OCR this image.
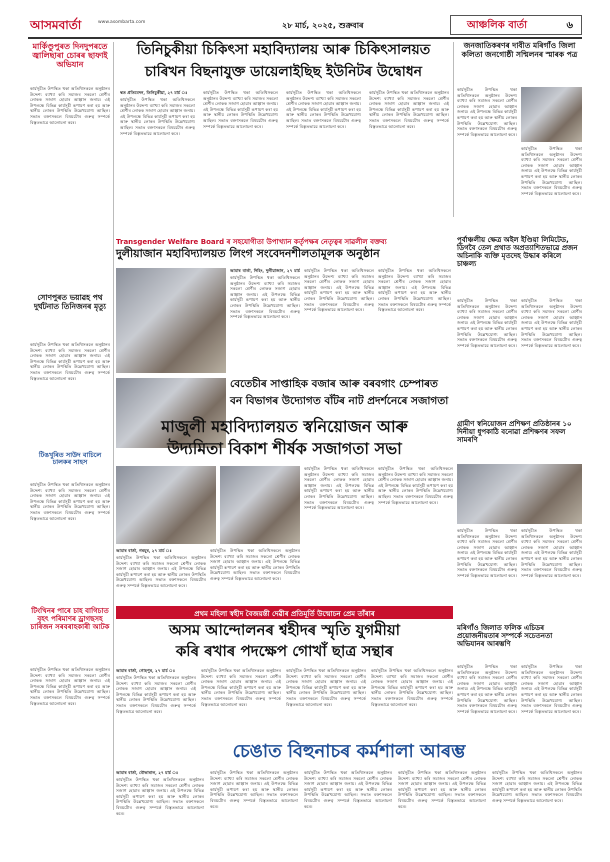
আসমবার্তা	www.asombarta.com	২৮ মার্চ, ২০২৫, শুক্ৰবাৰ	আঞ্চলিক বাৰ্তা	৬
মাৰ্কিণ্ডুপুৰত দিনদুপৰতে জ্বালিছাৰা চোৰৰ ছাফাই অভিযান
কাৰ্যসূচীত উপস্থিত থকা অতিথিসকলে অনুষ্ঠানৰ উদ্দেশ্য ব্যাখ্যা কৰি সমাজৰ সকলো শ্ৰেণীৰ লোকক সজাগ হোৱাৰ আহ্বান জনায়। এই উপলক্ষে বিভিন্ন কাৰ্যসূচী ৰূপায়ণ কৰা হয় আৰু স্থানীয় লোকৰ উপস্থিতি উল্লেখযোগ্য আছিল। সভাত বক্তাসকলে বিষয়টোৰ গুৰুত্ব সম্পৰ্কে বিস্তৃতভাৱে আলোচনা কৰে।
সোণপুৰত ভয়াৱহ পথ দুৰ্ঘটনাত তিনিজনৰ মৃত্যু
কাৰ্যসূচীত উপস্থিত থকা অতিথিসকলে অনুষ্ঠানৰ উদ্দেশ্য ব্যাখ্যা কৰি সমাজৰ সকলো শ্ৰেণীৰ লোকক সজাগ হোৱাৰ আহ্বান জনায়। এই উপলক্ষে বিভিন্ন কাৰ্যসূচী ৰূপায়ণ কৰা হয় আৰু স্থানীয় লোকৰ উপস্থিতি উল্লেখযোগ্য আছিল। সভাত বক্তাসকলে বিষয়টোৰ গুৰুত্ব সম্পৰ্কে বিস্তৃতভাৱে আলোচনা কৰে।
টিঙখুৰিত সাউদ বাচিলে চালকৰ সাহস
কাৰ্যসূচীত উপস্থিত থকা অতিথিসকলে অনুষ্ঠানৰ উদ্দেশ্য ব্যাখ্যা কৰি সমাজৰ সকলো শ্ৰেণীৰ লোকক সজাগ হোৱাৰ আহ্বান জনায়। এই উপলক্ষে বিভিন্ন কাৰ্যসূচী ৰূপায়ণ কৰা হয় আৰু স্থানীয় লোকৰ উপস্থিতি উল্লেখযোগ্য আছিল। সভাত বক্তাসকলে বিষয়টোৰ গুৰুত্ব সম্পৰ্কে বিস্তৃতভাৱে আলোচনা কৰে।
টিংখিনৰ পাৰে চাহ বাগিচাত বৃহৎ পৰিমাণৰ ড্ৰাগছসহ চাৰিজন সৰবৰাহকাৰী আটক
কাৰ্যসূচীত উপস্থিত থকা অতিথিসকলে অনুষ্ঠানৰ উদ্দেশ্য ব্যাখ্যা কৰি সমাজৰ সকলো শ্ৰেণীৰ লোকক সজাগ হোৱাৰ আহ্বান জনায়। এই উপলক্ষে বিভিন্ন কাৰ্যসূচী ৰূপায়ণ কৰা হয় আৰু স্থানীয় লোকৰ উপস্থিতি উল্লেখযোগ্য আছিল। সভাত বক্তাসকলে বিষয়টোৰ গুৰুত্ব সম্পৰ্কে বিস্তৃতভাৱে আলোচনা কৰে।
তিনিচুকীয়া চিকিৎসা মহাবিদ্যালয় আৰু চিকিৎসালয়ত
চাৰিখন বিছনাযুক্ত ডায়েলাইছিছ ইউনিটৰ উদ্বোধন
স্থত প্ৰতিবেদন, তিনিচুকীয়া, ২৭ মাৰ্চ ঃ
কাৰ্যসূচীত উপস্থিত থকা অতিথিসকলে অনুষ্ঠানৰ উদ্দেশ্য ব্যাখ্যা কৰি সমাজৰ সকলো শ্ৰেণীৰ লোকক সজাগ হোৱাৰ আহ্বান জনায়। এই উপলক্ষে বিভিন্ন কাৰ্যসূচী ৰূপায়ণ কৰা হয় আৰু স্থানীয় লোকৰ উপস্থিতি উল্লেখযোগ্য আছিল। সভাত বক্তাসকলে বিষয়টোৰ গুৰুত্ব সম্পৰ্কে বিস্তৃতভাৱে আলোচনা কৰে।
কাৰ্যসূচীত উপস্থিত থকা অতিথিসকলে অনুষ্ঠানৰ উদ্দেশ্য ব্যাখ্যা কৰি সমাজৰ সকলো শ্ৰেণীৰ লোকক সজাগ হোৱাৰ আহ্বান জনায়। এই উপলক্ষে বিভিন্ন কাৰ্যসূচী ৰূপায়ণ কৰা হয় আৰু স্থানীয় লোকৰ উপস্থিতি উল্লেখযোগ্য আছিল। সভাত বক্তাসকলে বিষয়টোৰ গুৰুত্ব সম্পৰ্কে বিস্তৃতভাৱে আলোচনা কৰে।
কাৰ্যসূচীত উপস্থিত থকা অতিথিসকলে অনুষ্ঠানৰ উদ্দেশ্য ব্যাখ্যা কৰি সমাজৰ সকলো শ্ৰেণীৰ লোকক সজাগ হোৱাৰ আহ্বান জনায়। এই উপলক্ষে বিভিন্ন কাৰ্যসূচী ৰূপায়ণ কৰা হয় আৰু স্থানীয় লোকৰ উপস্থিতি উল্লেখযোগ্য আছিল। সভাত বক্তাসকলে বিষয়টোৰ গুৰুত্ব সম্পৰ্কে বিস্তৃতভাৱে আলোচনা কৰে।
কাৰ্যসূচীত উপস্থিত থকা অতিথিসকলে অনুষ্ঠানৰ উদ্দেশ্য ব্যাখ্যা কৰি সমাজৰ সকলো শ্ৰেণীৰ লোকক সজাগ হোৱাৰ আহ্বান জনায়। এই উপলক্ষে বিভিন্ন কাৰ্যসূচী ৰূপায়ণ কৰা হয় আৰু স্থানীয় লোকৰ উপস্থিতি উল্লেখযোগ্য আছিল। সভাত বক্তাসকলে বিষয়টোৰ গুৰুত্ব সম্পৰ্কে বিস্তৃতভাৱে আলোচনা কৰে।
জনজাতিকৰণৰ দাবীত মৰিগাঁও জিলা কলিতা জনগোষ্ঠী সন্মিলনৰ স্মাৰক পত্ৰ
কাৰ্যসূচীত উপস্থিত থকা অতিথিসকলে অনুষ্ঠানৰ উদ্দেশ্য ব্যাখ্যা কৰি সমাজৰ সকলো শ্ৰেণীৰ লোকক সজাগ হোৱাৰ আহ্বান জনায়। এই উপলক্ষে বিভিন্ন কাৰ্যসূচী ৰূপায়ণ কৰা হয় আৰু স্থানীয় লোকৰ উপস্থিতি উল্লেখযোগ্য আছিল। সভাত বক্তাসকলে বিষয়টোৰ গুৰুত্ব সম্পৰ্কে বিস্তৃতভাৱে আলোচনা কৰে।
কাৰ্যসূচীত উপস্থিত থকা অতিথিসকলে অনুষ্ঠানৰ উদ্দেশ্য ব্যাখ্যা কৰি সমাজৰ সকলো শ্ৰেণীৰ লোকক সজাগ হোৱাৰ আহ্বান জনায়। এই উপলক্ষে বিভিন্ন কাৰ্যসূচী ৰূপায়ণ কৰা হয় আৰু স্থানীয় লোকৰ উপস্থিতি উল্লেখযোগ্য আছিল। সভাত বক্তাসকলে বিষয়টোৰ গুৰুত্ব সম্পৰ্কে বিস্তৃতভাৱে আলোচনা কৰে।
Transgender Welfare Board ৰ সহযোগীতা উপাখ্যান কৰ্তৃপক্ষৰ নেতৃত্বৰ সাৱলীল বক্তব্য
দুলীয়াজান মহাবিদ্যালয়ত লিংগ সংবেদনশীলতামূলক অনুষ্ঠান
আমাৰ বাৰ্তা, দিহিং, দুলীয়াজান, ২৭ মাৰ্চ
কাৰ্যসূচীত উপস্থিত থকা অতিথিসকলে অনুষ্ঠানৰ উদ্দেশ্য ব্যাখ্যা কৰি সমাজৰ সকলো শ্ৰেণীৰ লোকক সজাগ হোৱাৰ আহ্বান জনায়। এই উপলক্ষে বিভিন্ন কাৰ্যসূচী ৰূপায়ণ কৰা হয় আৰু স্থানীয় লোকৰ উপস্থিতি উল্লেখযোগ্য আছিল। সভাত বক্তাসকলে বিষয়টোৰ গুৰুত্ব সম্পৰ্কে বিস্তৃতভাৱে আলোচনা কৰে।
কাৰ্যসূচীত উপস্থিত থকা অতিথিসকলে অনুষ্ঠানৰ উদ্দেশ্য ব্যাখ্যা কৰি সমাজৰ সকলো শ্ৰেণীৰ লোকক সজাগ হোৱাৰ আহ্বান জনায়। এই উপলক্ষে বিভিন্ন কাৰ্যসূচী ৰূপায়ণ কৰা হয় আৰু স্থানীয় লোকৰ উপস্থিতি উল্লেখযোগ্য আছিল। সভাত বক্তাসকলে বিষয়টোৰ গুৰুত্ব সম্পৰ্কে বিস্তৃতভাৱে আলোচনা কৰে।
কাৰ্যসূচীত উপস্থিত থকা অতিথিসকলে অনুষ্ঠানৰ উদ্দেশ্য ব্যাখ্যা কৰি সমাজৰ সকলো শ্ৰেণীৰ লোকক সজাগ হোৱাৰ আহ্বান জনায়। এই উপলক্ষে বিভিন্ন কাৰ্যসূচী ৰূপায়ণ কৰা হয় আৰু স্থানীয় লোকৰ উপস্থিতি উল্লেখযোগ্য আছিল। সভাত বক্তাসকলে বিষয়টোৰ গুৰুত্ব সম্পৰ্কে বিস্তৃতভাৱে আলোচনা কৰে।
পূৰ্বাঞ্চলীয় ক্ষেত্ৰ অইল ইণ্ডিয়া লিমিটেড, ডিগবৈ তেল প্ৰথাত অপ্ৰত্যাশিতভাৱে প্ৰজন অচিনাকি ব্যক্তি মৃতদেহ উদ্ধাৰ কৰিলে চাঞ্চল্য
কাৰ্যসূচীত উপস্থিত থকা অতিথিসকলে অনুষ্ঠানৰ উদ্দেশ্য ব্যাখ্যা কৰি সমাজৰ সকলো শ্ৰেণীৰ লোকক সজাগ হোৱাৰ আহ্বান জনায়। এই উপলক্ষে বিভিন্ন কাৰ্যসূচী ৰূপায়ণ কৰা হয় আৰু স্থানীয় লোকৰ উপস্থিতি উল্লেখযোগ্য আছিল। সভাত বক্তাসকলে বিষয়টোৰ গুৰুত্ব সম্পৰ্কে বিস্তৃতভাৱে আলোচনা কৰে।
কাৰ্যসূচীত উপস্থিত থকা অতিথিসকলে অনুষ্ঠানৰ উদ্দেশ্য ব্যাখ্যা কৰি সমাজৰ সকলো শ্ৰেণীৰ লোকক সজাগ হোৱাৰ আহ্বান জনায়। এই উপলক্ষে বিভিন্ন কাৰ্যসূচী ৰূপায়ণ কৰা হয় আৰু স্থানীয় লোকৰ উপস্থিতি উল্লেখযোগ্য আছিল। সভাত বক্তাসকলে বিষয়টোৰ গুৰুত্ব সম্পৰ্কে বিস্তৃতভাৱে আলোচনা কৰে।
বেতেচীৰ সাপ্তাহিক বজাৰ আৰু বৰবগাং চেম্পাৰত
বন বিভাগৰ উদ্যোগত বাঁটৰ নাট প্ৰদৰ্শনেৰে সজাগতা
গ্ৰামীণ স্বনিয়োজন প্ৰশিক্ষণ প্ৰতিষ্ঠানৰ ১০ দিনীয়া ধুপকাঠি বনোৱা প্ৰশিক্ষণৰ সফল সামৰণি
কাৰ্যসূচীত উপস্থিত থকা অতিথিসকলে অনুষ্ঠানৰ উদ্দেশ্য ব্যাখ্যা কৰি সমাজৰ সকলো শ্ৰেণীৰ লোকক সজাগ হোৱাৰ আহ্বান জনায়। এই উপলক্ষে বিভিন্ন কাৰ্যসূচী ৰূপায়ণ কৰা হয় আৰু স্থানীয় লোকৰ উপস্থিতি উল্লেখযোগ্য আছিল। সভাত বক্তাসকলে বিষয়টোৰ গুৰুত্ব সম্পৰ্কে বিস্তৃতভাৱে আলোচনা কৰে।
কাৰ্যসূচীত উপস্থিত থকা অতিথিসকলে অনুষ্ঠানৰ উদ্দেশ্য ব্যাখ্যা কৰি সমাজৰ সকলো শ্ৰেণীৰ লোকক সজাগ হোৱাৰ আহ্বান জনায়। এই উপলক্ষে বিভিন্ন কাৰ্যসূচী ৰূপায়ণ কৰা হয় আৰু স্থানীয় লোকৰ উপস্থিতি উল্লেখযোগ্য আছিল। সভাত বক্তাসকলে বিষয়টোৰ গুৰুত্ব সম্পৰ্কে বিস্তৃতভাৱে আলোচনা কৰে।
মাজুলী মহাবিদ্যালয়ত স্বনিয়োজন আৰু
উদ্যমিতা বিকাশ শীৰ্ষক সজাগতা সভা
কাৰ্যসূচীত উপস্থিত থকা অতিথিসকলে অনুষ্ঠানৰ উদ্দেশ্য ব্যাখ্যা কৰি সমাজৰ সকলো শ্ৰেণীৰ লোকক সজাগ হোৱাৰ আহ্বান জনায়। এই উপলক্ষে বিভিন্ন কাৰ্যসূচী ৰূপায়ণ কৰা হয় আৰু স্থানীয় লোকৰ উপস্থিতি উল্লেখযোগ্য আছিল। সভাত বক্তাসকলে বিষয়টোৰ গুৰুত্ব সম্পৰ্কে বিস্তৃতভাৱে আলোচনা কৰে।
কাৰ্যসূচীত উপস্থিত থকা অতিথিসকলে অনুষ্ঠানৰ উদ্দেশ্য ব্যাখ্যা কৰি সমাজৰ সকলো শ্ৰেণীৰ লোকক সজাগ হোৱাৰ আহ্বান জনায়। এই উপলক্ষে বিভিন্ন কাৰ্যসূচী ৰূপায়ণ কৰা হয় আৰু স্থানীয় লোকৰ উপস্থিতি উল্লেখযোগ্য আছিল। সভাত বক্তাসকলে বিষয়টোৰ গুৰুত্ব সম্পৰ্কে বিস্তৃতভাৱে আলোচনা কৰে।
আমাৰ বাৰ্তা, গৰমূৰ, ২৭ মাৰ্চ ঃ
কাৰ্যসূচীত উপস্থিত থকা অতিথিসকলে অনুষ্ঠানৰ উদ্দেশ্য ব্যাখ্যা কৰি সমাজৰ সকলো শ্ৰেণীৰ লোকক সজাগ হোৱাৰ আহ্বান জনায়। এই উপলক্ষে বিভিন্ন কাৰ্যসূচী ৰূপায়ণ কৰা হয় আৰু স্থানীয় লোকৰ উপস্থিতি উল্লেখযোগ্য আছিল। সভাত বক্তাসকলে বিষয়টোৰ গুৰুত্ব সম্পৰ্কে বিস্তৃতভাৱে আলোচনা কৰে।
কাৰ্যসূচীত উপস্থিত থকা অতিথিসকলে অনুষ্ঠানৰ উদ্দেশ্য ব্যাখ্যা কৰি সমাজৰ সকলো শ্ৰেণীৰ লোকক সজাগ হোৱাৰ আহ্বান জনায়। এই উপলক্ষে বিভিন্ন কাৰ্যসূচী ৰূপায়ণ কৰা হয় আৰু স্থানীয় লোকৰ উপস্থিতি উল্লেখযোগ্য আছিল। সভাত বক্তাসকলে বিষয়টোৰ গুৰুত্ব সম্পৰ্কে বিস্তৃতভাৱে আলোচনা কৰে।
প্ৰথম মহিলা স্বহীদ বৈজয়ন্তী দেৱীৰ প্ৰতিমূৰ্তি উন্মোচন প্ৰেম তাঁৰাৰ
অসম আন্দোলনৰ শ্বহীদৰ স্মৃতি যুগমীয়া
কৰি ৰখাৰ পদক্ষেপ গোখাঁ ছাত্ৰ সন্থাৰ
আমাৰ বাৰ্তা, গোহপুৰ, ২৭ মাৰ্চ ঃ
কাৰ্যসূচীত উপস্থিত থকা অতিথিসকলে অনুষ্ঠানৰ উদ্দেশ্য ব্যাখ্যা কৰি সমাজৰ সকলো শ্ৰেণীৰ লোকক সজাগ হোৱাৰ আহ্বান জনায়। এই উপলক্ষে বিভিন্ন কাৰ্যসূচী ৰূপায়ণ কৰা হয় আৰু স্থানীয় লোকৰ উপস্থিতি উল্লেখযোগ্য আছিল। সভাত বক্তাসকলে বিষয়টোৰ গুৰুত্ব সম্পৰ্কে বিস্তৃতভাৱে আলোচনা কৰে।
কাৰ্যসূচীত উপস্থিত থকা অতিথিসকলে অনুষ্ঠানৰ উদ্দেশ্য ব্যাখ্যা কৰি সমাজৰ সকলো শ্ৰেণীৰ লোকক সজাগ হোৱাৰ আহ্বান জনায়। এই উপলক্ষে বিভিন্ন কাৰ্যসূচী ৰূপায়ণ কৰা হয় আৰু স্থানীয় লোকৰ উপস্থিতি উল্লেখযোগ্য আছিল। সভাত বক্তাসকলে বিষয়টোৰ গুৰুত্ব সম্পৰ্কে বিস্তৃতভাৱে আলোচনা কৰে।
কাৰ্যসূচীত উপস্থিত থকা অতিথিসকলে অনুষ্ঠানৰ উদ্দেশ্য ব্যাখ্যা কৰি সমাজৰ সকলো শ্ৰেণীৰ লোকক সজাগ হোৱাৰ আহ্বান জনায়। এই উপলক্ষে বিভিন্ন কাৰ্যসূচী ৰূপায়ণ কৰা হয় আৰু স্থানীয় লোকৰ উপস্থিতি উল্লেখযোগ্য আছিল। সভাত বক্তাসকলে বিষয়টোৰ গুৰুত্ব সম্পৰ্কে বিস্তৃতভাৱে আলোচনা কৰে।
কাৰ্যসূচীত উপস্থিত থকা অতিথিসকলে অনুষ্ঠানৰ উদ্দেশ্য ব্যাখ্যা কৰি সমাজৰ সকলো শ্ৰেণীৰ লোকক সজাগ হোৱাৰ আহ্বান জনায়। এই উপলক্ষে বিভিন্ন কাৰ্যসূচী ৰূপায়ণ কৰা হয় আৰু স্থানীয় লোকৰ উপস্থিতি উল্লেখযোগ্য আছিল। সভাত বক্তাসকলে বিষয়টোৰ গুৰুত্ব সম্পৰ্কে বিস্তৃতভাৱে আলোচনা কৰে।
মৰিগাঁও জিলাত ফলিক এচিডৰ প্ৰয়োজনীয়তাৰ সম্পৰ্কে সচেতনতা অভিযানৰ আৰম্ভণি
কাৰ্যসূচীত উপস্থিত থকা অতিথিসকলে অনুষ্ঠানৰ উদ্দেশ্য ব্যাখ্যা কৰি সমাজৰ সকলো শ্ৰেণীৰ লোকক সজাগ হোৱাৰ আহ্বান জনায়। এই উপলক্ষে বিভিন্ন কাৰ্যসূচী ৰূপায়ণ কৰা হয় আৰু স্থানীয় লোকৰ উপস্থিতি উল্লেখযোগ্য আছিল। সভাত বক্তাসকলে বিষয়টোৰ গুৰুত্ব সম্পৰ্কে বিস্তৃতভাৱে আলোচনা কৰে।
কাৰ্যসূচীত উপস্থিত থকা অতিথিসকলে অনুষ্ঠানৰ উদ্দেশ্য ব্যাখ্যা কৰি সমাজৰ সকলো শ্ৰেণীৰ লোকক সজাগ হোৱাৰ আহ্বান জনায়। এই উপলক্ষে বিভিন্ন কাৰ্যসূচী ৰূপায়ণ কৰা হয় আৰু স্থানীয় লোকৰ উপস্থিতি উল্লেখযোগ্য আছিল। সভাত বক্তাসকলে বিষয়টোৰ গুৰুত্ব সম্পৰ্কে বিস্তৃতভাৱে আলোচনা কৰে।
চেঙাত বিহুনাচৰ কৰ্মশালা আৰম্ভ
আমাৰ বাৰ্তা, বৌভাৰাল, ২৭ মাৰ্চ ঃ
কাৰ্যসূচীত উপস্থিত থকা অতিথিসকলে অনুষ্ঠানৰ উদ্দেশ্য ব্যাখ্যা কৰি সমাজৰ সকলো শ্ৰেণীৰ লোকক সজাগ হোৱাৰ আহ্বান জনায়। এই উপলক্ষে বিভিন্ন কাৰ্যসূচী ৰূপায়ণ কৰা হয় আৰু স্থানীয় লোকৰ উপস্থিতি উল্লেখযোগ্য আছিল। সভাত বক্তাসকলে বিষয়টোৰ গুৰুত্ব সম্পৰ্কে বিস্তৃতভাৱে আলোচনা কৰে।
কাৰ্যসূচীত উপস্থিত থকা অতিথিসকলে অনুষ্ঠানৰ উদ্দেশ্য ব্যাখ্যা কৰি সমাজৰ সকলো শ্ৰেণীৰ লোকক সজাগ হোৱাৰ আহ্বান জনায়। এই উপলক্ষে বিভিন্ন কাৰ্যসূচী ৰূপায়ণ কৰা হয় আৰু স্থানীয় লোকৰ উপস্থিতি উল্লেখযোগ্য আছিল। সভাত বক্তাসকলে বিষয়টোৰ গুৰুত্ব সম্পৰ্কে বিস্তৃতভাৱে আলোচনা কৰে।
কাৰ্যসূচীত উপস্থিত থকা অতিথিসকলে অনুষ্ঠানৰ উদ্দেশ্য ব্যাখ্যা কৰি সমাজৰ সকলো শ্ৰেণীৰ লোকক সজাগ হোৱাৰ আহ্বান জনায়। এই উপলক্ষে বিভিন্ন কাৰ্যসূচী ৰূপায়ণ কৰা হয় আৰু স্থানীয় লোকৰ উপস্থিতি উল্লেখযোগ্য আছিল। সভাত বক্তাসকলে বিষয়টোৰ গুৰুত্ব সম্পৰ্কে বিস্তৃতভাৱে আলোচনা কৰে।
কাৰ্যসূচীত উপস্থিত থকা অতিথিসকলে অনুষ্ঠানৰ উদ্দেশ্য ব্যাখ্যা কৰি সমাজৰ সকলো শ্ৰেণীৰ লোকক সজাগ হোৱাৰ আহ্বান জনায়। এই উপলক্ষে বিভিন্ন কাৰ্যসূচী ৰূপায়ণ কৰা হয় আৰু স্থানীয় লোকৰ উপস্থিতি উল্লেখযোগ্য আছিল। সভাত বক্তাসকলে বিষয়টোৰ গুৰুত্ব সম্পৰ্কে বিস্তৃতভাৱে আলোচনা কৰে।
কাৰ্যসূচীত উপস্থিত থকা অতিথিসকলে অনুষ্ঠানৰ উদ্দেশ্য ব্যাখ্যা কৰি সমাজৰ সকলো শ্ৰেণীৰ লোকক সজাগ হোৱাৰ আহ্বান জনায়। এই উপলক্ষে বিভিন্ন কাৰ্যসূচী ৰূপায়ণ কৰা হয় আৰু স্থানীয় লোকৰ উপস্থিতি উল্লেখযোগ্য আছিল। সভাত বক্তাসকলে বিষয়টোৰ গুৰুত্ব সম্পৰ্কে বিস্তৃতভাৱে আলোচনা কৰে।
